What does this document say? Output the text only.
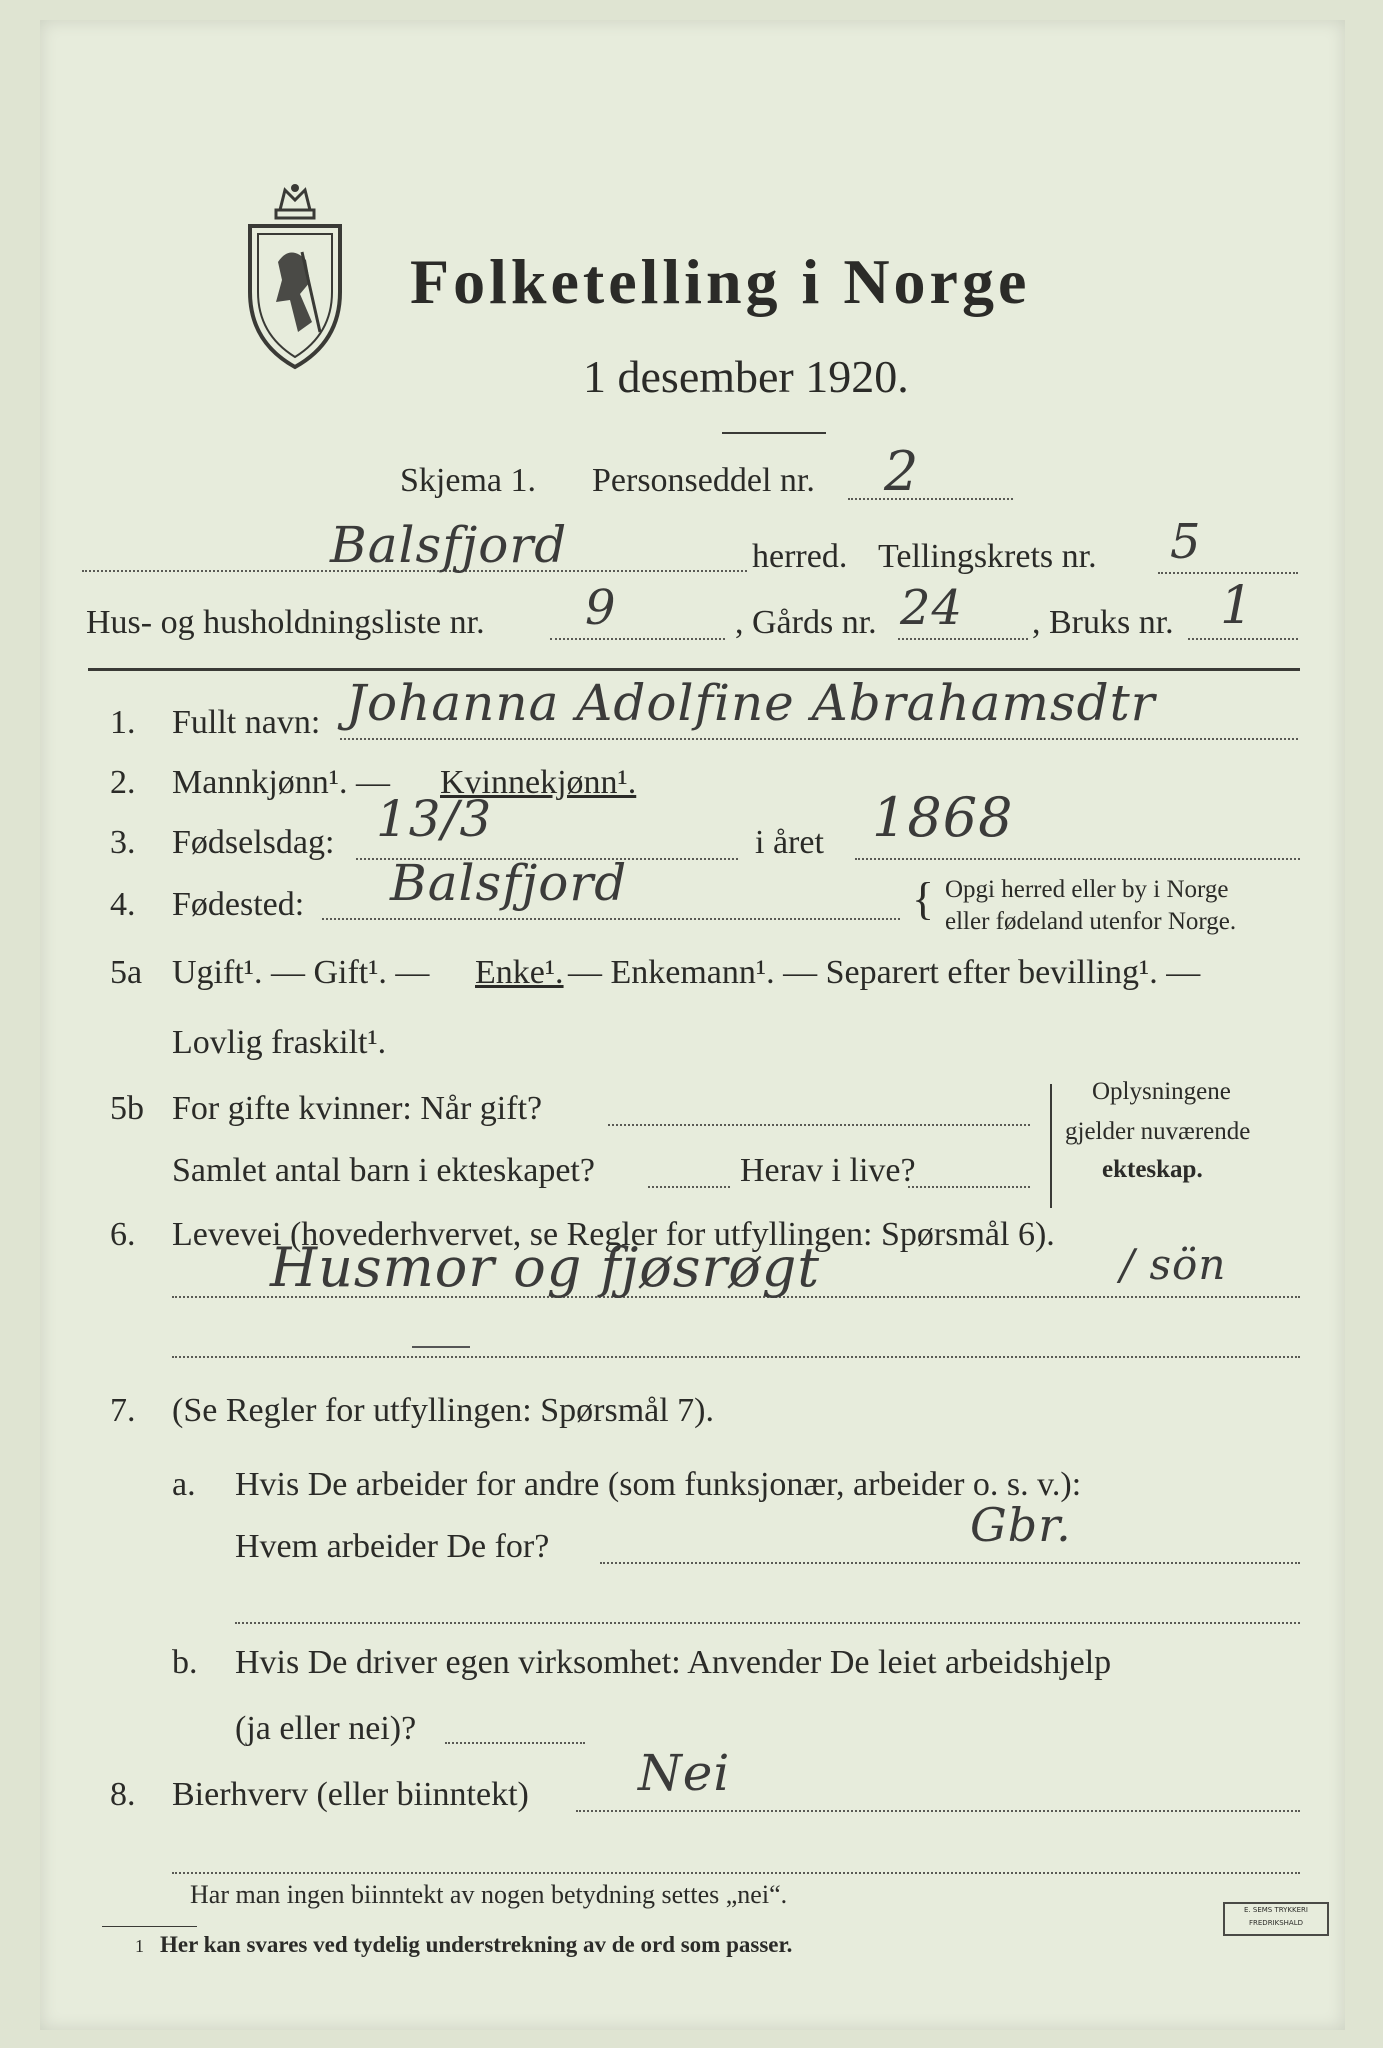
Folketelling i Norge
1 desember 1920.
Skjema 1. Personseddel nr. 2
Balsfjord	herred. Tellingskrets nr. 5
Hus- og husholdningsliste nr. 9	, Gårds nr. 24 , Bruks nr. 1
1. Fullt navn: Johanna Adolfine Abrahamsdtr
2. Mannkjønn¹. — Kvinnekjønn¹.
3. Fødselsdag: 13/3	i året 1868
4. Fødested: Balsfjord	{ Opgi herred eller by i Norge
eller fødeland utenfor Norge.
5a Ugift¹. — Gift¹. — Enke¹. — Enkemann¹. — Separert efter bevilling¹. —
Lovlig fraskilt¹.
5b For gifte kvinner: Når gift?
Samlet antal barn i ekteskapet?	Herav i live?
Oplysningene
gjelder nuværende
ekteskap.
6. Levevei (hovederhvervet, se Regler for utfyllingen: Spørsmål 6).
Husmor og fjøsrøgt	/ sön
7. (Se Regler for utfyllingen: Spørsmål 7).
a. Hvis De arbeider for andre (som funksjonær, arbeider o. s. v.):
Hvem arbeider De for?	Gbr.
b. Hvis De driver egen virksomhet: Anvender De leiet arbeidshjelp
(ja eller nei)?
8. Bierhverv (eller biinntekt) Nei
Har man ingen biinntekt av nogen betydning settes „nei“.
1 Her kan svares ved tydelig understrekning av de ord som passer.
E. SEMS TRYKKERI FREDRIKSHALD
